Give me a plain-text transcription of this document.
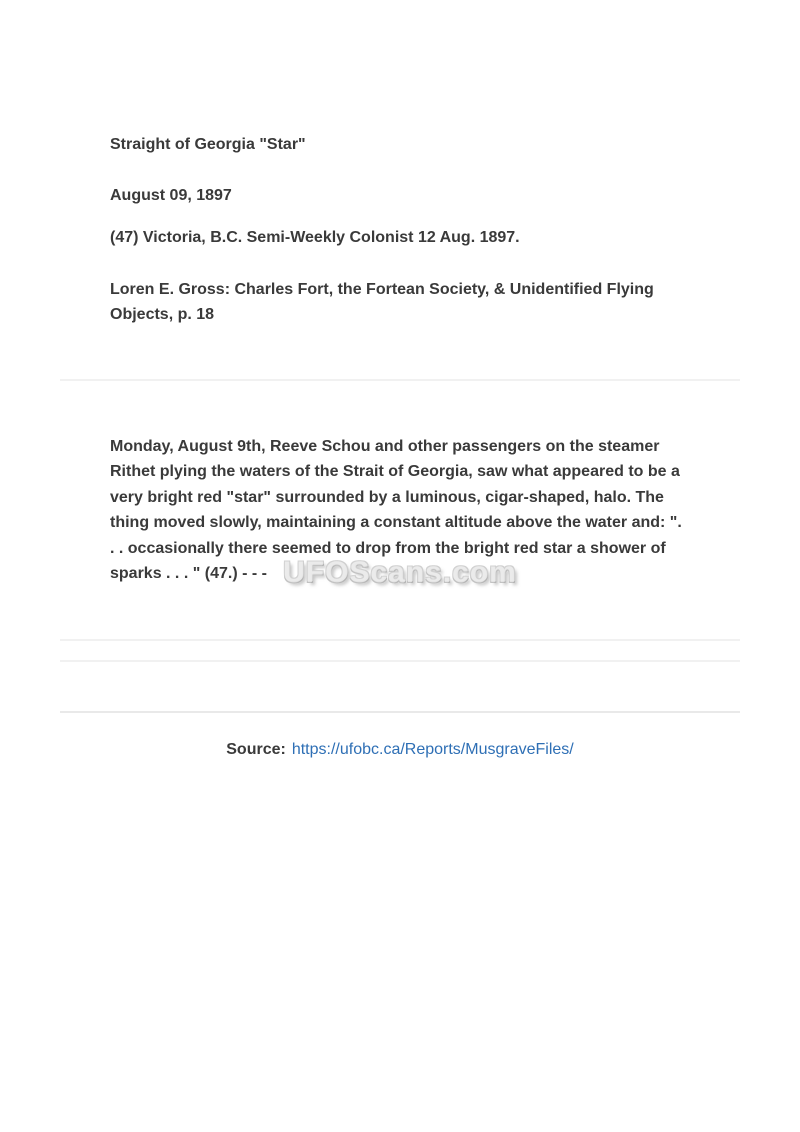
Straight of Georgia "Star"

August 09, 1897

(47) Victoria, B.C. Semi-Weekly Colonist 12 Aug. 1897.

Loren E. Gross: Charles Fort, the Fortean Society, & Unidentified Flying Objects, p. 18

Monday, August 9th, Reeve Schou and other passengers on the steamer Rithet plying the waters of the Strait of Georgia, saw what appeared to be a very bright red "star" surrounded by a luminous, cigar-shaped, halo. The thing moved slowly, maintaining a constant altitude above the water and: ". . . occasionally there seemed to drop from the bright red star a shower of sparks . . . " (47.) - - -

Source: https://ufobc.ca/Reports/MusgraveFiles/

UFOScans.com
